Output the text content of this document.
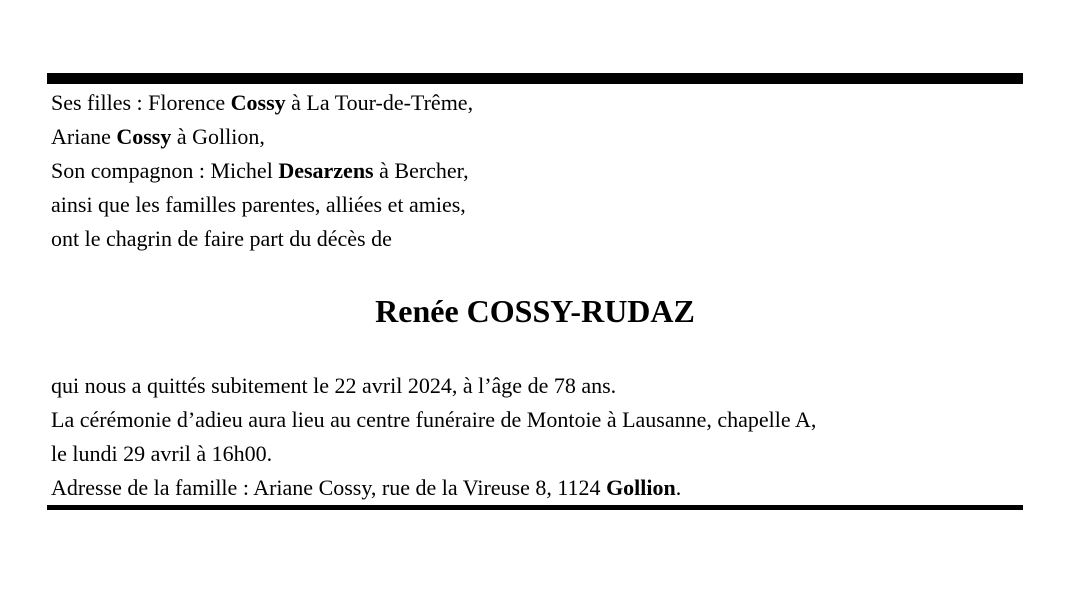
Ses filles : Florence Cossy à La Tour-de-Trême,
Ariane Cossy à Gollion,
Son compagnon : Michel Desarzens à Bercher,
ainsi que les familles parentes, alliées et amies,
ont le chagrin de faire part du décès de
Renée COSSY-RUDAZ
qui nous a quittés subitement le 22 avril 2024, à l’âge de 78 ans.
La cérémonie d’adieu aura lieu au centre funéraire de Montoie à Lausanne, chapelle A,
le lundi 29 avril à 16h00.
Adresse de la famille : Ariane Cossy, rue de la Vireuse 8, 1124 Gollion.
